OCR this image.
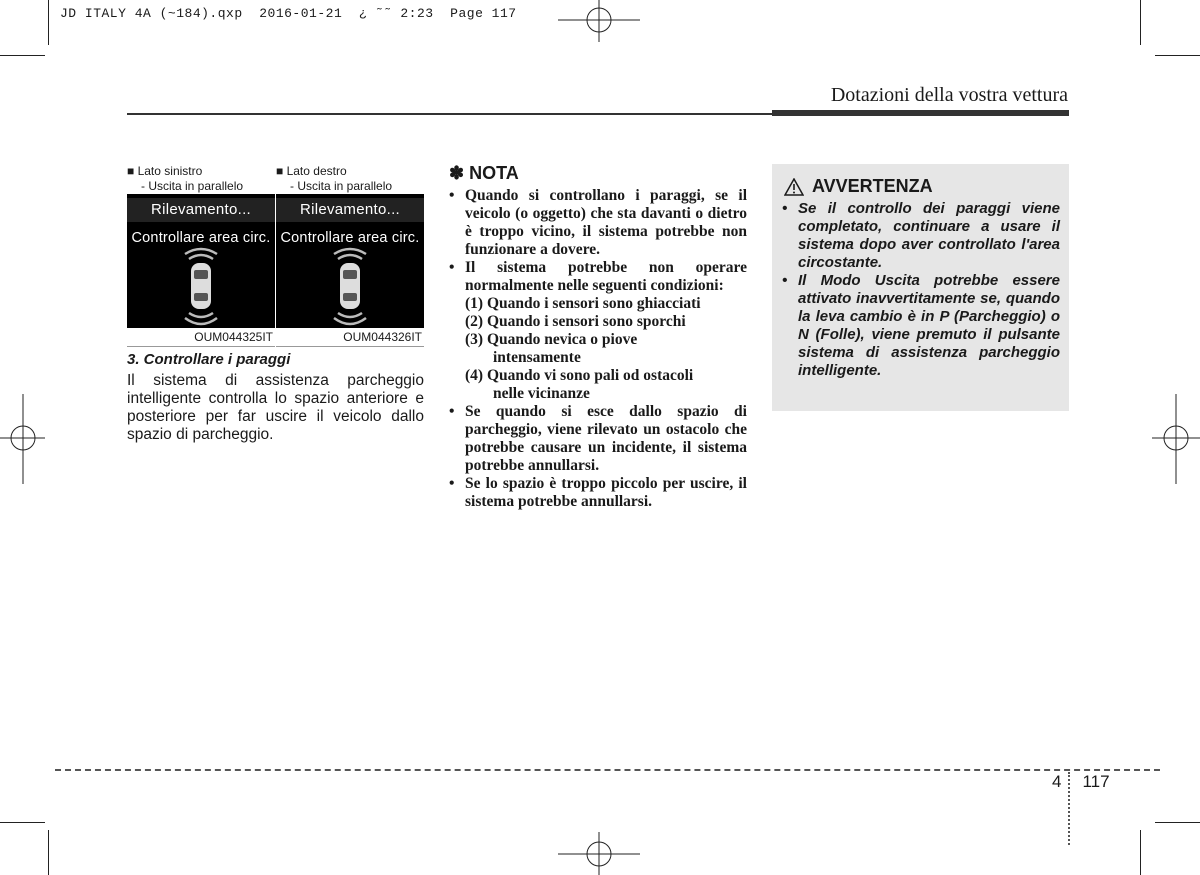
JD ITALY 4A (~184).qxp  2016-01-21  ¿ ˜˜ 2:23  Page 117
Dotazioni della vostra vettura
■ Lato sinistro
- Uscita in parallelo
Rilevamento...
Controllare area circ.
OUM044325IT
■ Lato destro
- Uscita in parallelo
Rilevamento...
Controllare area circ.
OUM044326IT
3. Controllare i paraggi
Il sistema di assistenza parcheggio intelligente controlla lo spazio anteriore e posteriore per far uscire il veicolo dallo spazio di parcheggio.
✽ NOTA
• Quando si controllano i paraggi, se il veicolo (o oggetto) che sta davanti o dietro è troppo vicino, il sistema potrebbe non funzionare a dovere.
• Il sistema potrebbe non operare normalmente nelle seguenti condizioni:
(1) Quando i sensori sono ghiacciati
(2) Quando i sensori sono sporchi
(3) Quando nevica o piove
intensamente
(4) Quando vi sono pali od ostacoli
nelle vicinanze
• Se quando si esce dallo spazio di parcheggio, viene rilevato un ostacolo che potrebbe causare un incidente, il sistema potrebbe annullarsi.
• Se lo spazio è troppo piccolo per uscire, il sistema potrebbe annullarsi.
AVVERTENZA
• Se il controllo dei paraggi viene completato, continuare a usare il sistema dopo aver controllato l'area circostante.
• Il Modo Uscita potrebbe essere attivato inavvertitamente se, quando la leva cambio è in P (Parcheggio) o N (Folle), viene premuto il pulsante sistema di assistenza parcheggio intelligente.
4 117
